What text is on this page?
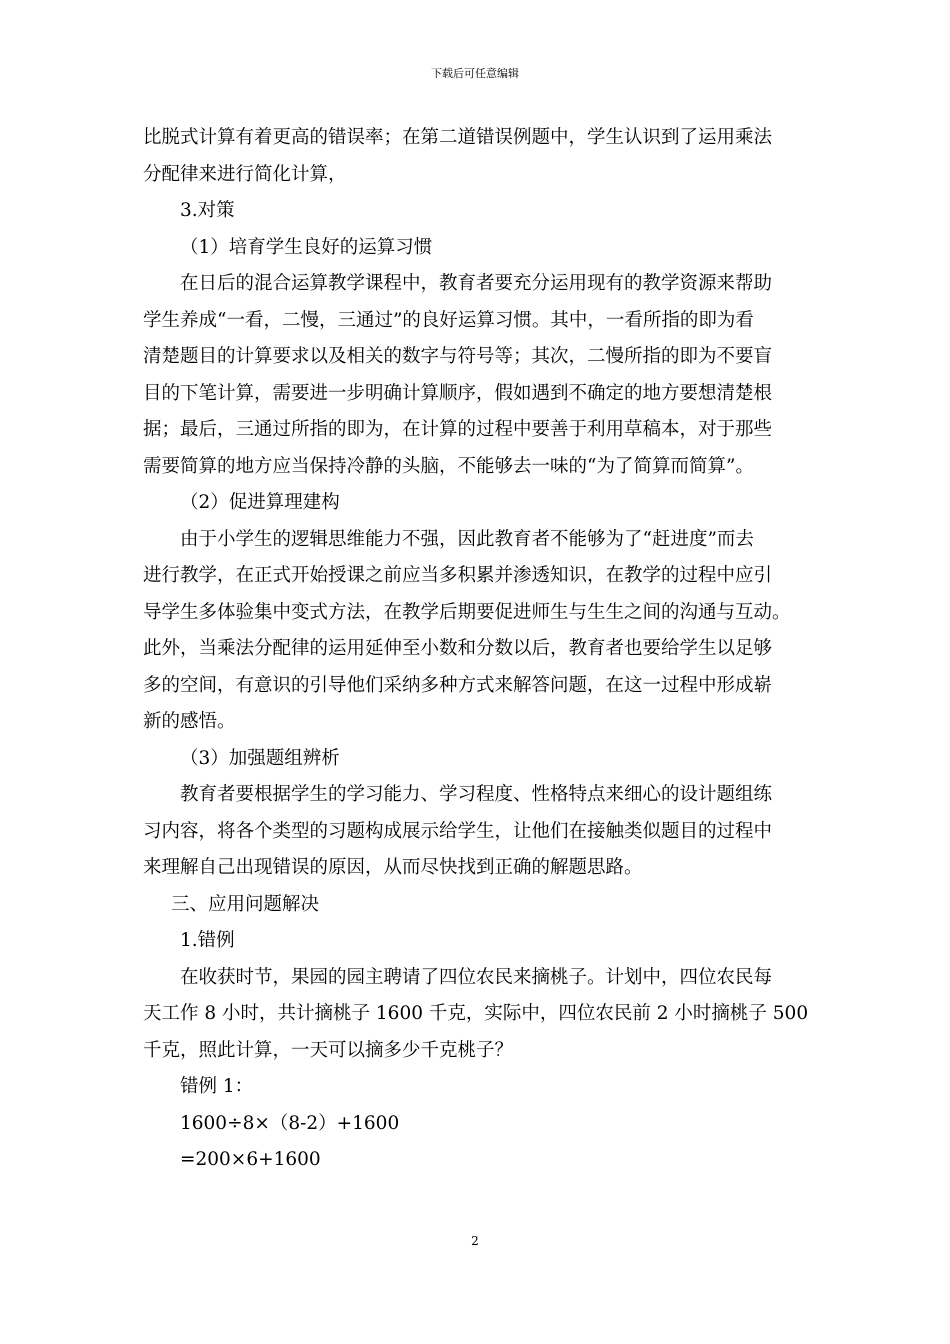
下载后可任意编辑
比脱式计算有着更高的错误率；在第二道错误例题中，学生认识到了运用乘法
分配律来进行简化计算，
3.对策
（1）培育学生良好的运算习惯
在日后的混合运算教学课程中，教育者要充分运用现有的教学资源来帮助
学生养成“一看，二慢，三通过”的良好运算习惯。其中，一看所指的即为看
清楚题目的计算要求以及相关的数字与符号等；其次，二慢所指的即为不要盲
目的下笔计算，需要进一步明确计算顺序，假如遇到不确定的地方要想清楚根
据；最后，三通过所指的即为，在计算的过程中要善于利用草稿本，对于那些
需要简算的地方应当保持冷静的头脑，不能够去一味的“为了简算而简算”。
（2）促进算理建构
由于小学生的逻辑思维能力不强，因此教育者不能够为了“赶进度”而去
进行教学，在正式开始授课之前应当多积累并渗透知识，在教学的过程中应引
导学生多体验集中变式方法，在教学后期要促进师生与生生之间的沟通与互动。
此外，当乘法分配律的运用延伸至小数和分数以后，教育者也要给学生以足够
多的空间，有意识的引导他们采纳多种方式来解答问题，在这一过程中形成崭
新的感悟。
（3）加强题组辨析
教育者要根据学生的学习能力、学习程度、性格特点来细心的设计题组练
习内容，将各个类型的习题构成展示给学生，让他们在接触类似题目的过程中
来理解自己出现错误的原因，从而尽快找到正确的解题思路。
三、应用问题解决
1.错例
在收获时节，果园的园主聘请了四位农民来摘桃子。计划中，四位农民每
天工作 8 小时，共计摘桃子 1600 千克，实际中，四位农民前 2 小时摘桃子 500
千克，照此计算，一天可以摘多少千克桃子？
错例 1：
1600÷8×（8-2）+1600
=200×6+1600
2
